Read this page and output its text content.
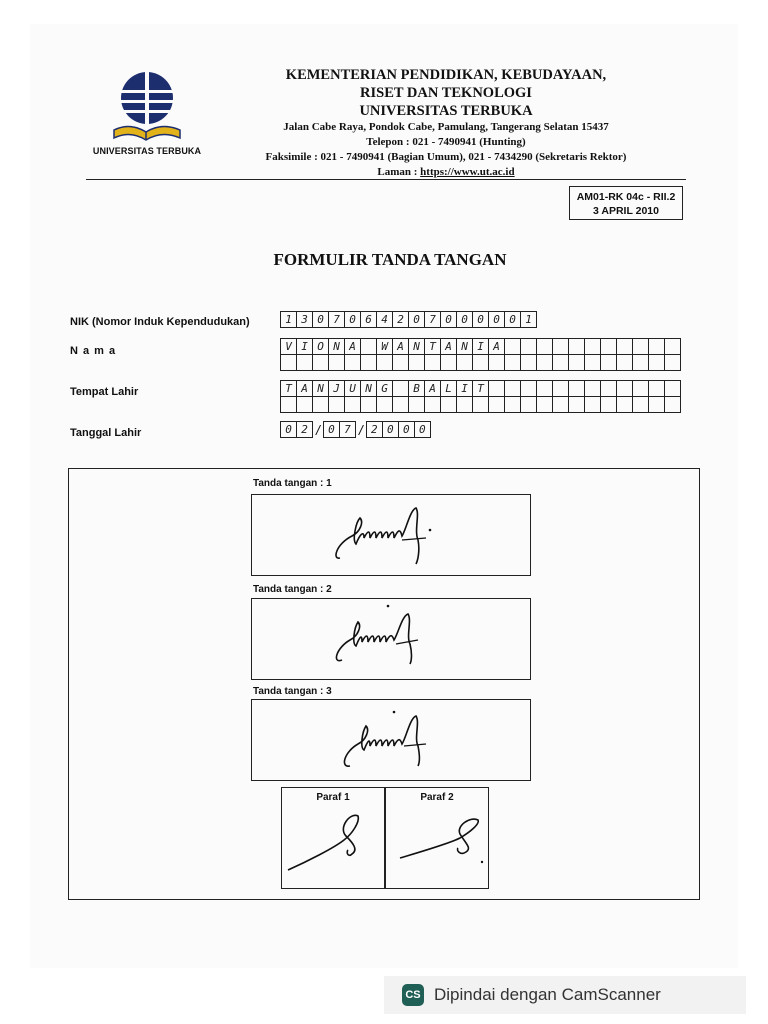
UNIVERSITAS TERBUKA
KEMENTERIAN PENDIDIKAN, KEBUDAYAAN,
RISET DAN TEKNOLOGI
UNIVERSITAS TERBUKA
Jalan Cabe Raya, Pondok Cabe, Pamulang, Tangerang Selatan 15437
Telepon : 021 - 7490941 (Hunting)
Faksimile : 021 - 7490941 (Bagian Umum), 021 - 7434290 (Sekretaris Rektor)
Laman : https://www.ut.ac.id
AM01-RK 04c - RII.2
3 APRIL 2010
FORMULIR TANDA TANGAN
NIK (Nomor Induk Kependudukan)	1	3	0	7	0	6	4	2	0	7	0	0	0	0	0	1
N a m a	V	I	O	N	A		W	A	N	T	A	N	I	A											

Tempat Lahir	T	A	N	J	U	N	G		B	A	L	I	T												

Tanggal Lahir	0	2 / 0	7 / 2	0	0	0
Tanda tangan : 1
Tanda tangan : 2
Tanda tangan : 3
Paraf 1	Paraf 2
CS Dipindai dengan CamScanner
